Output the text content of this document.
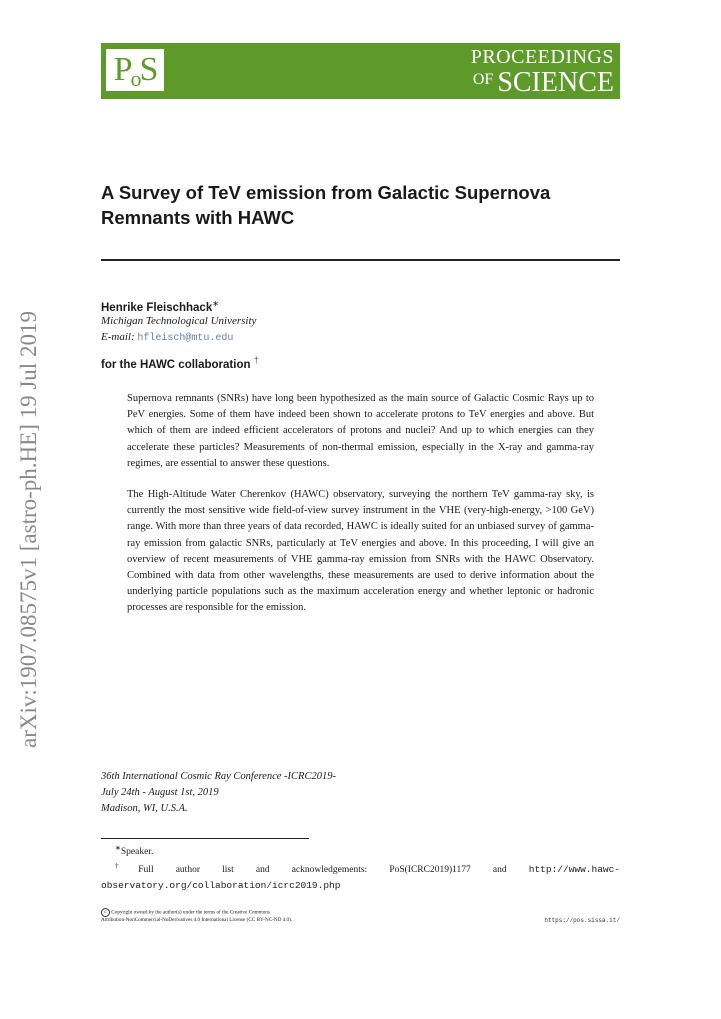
arXiv:1907.08575v1 [astro-ph.HE] 19 Jul 2019
PoS	PROCEEDINGS
$^{OF}$ SCIENCE
A Survey of TeV emission from Galactic Supernova Remnants with HAWC
Henrike Fleischhack∗
Michigan Technological University
E-mail: hfleisch@mtu.edu
for the HAWC collaboration †

Supernova remnants (SNRs) have long been hypothesized as the main source of Galactic Cosmic Rays up to PeV energies. Some of them have indeed been shown to accelerate protons to TeV energies and above. But which of them are indeed efficient accelerators of protons and nuclei? And up to which energies can they accelerate these particles? Measurements of non-thermal emission, especially in the X-ray and gamma-ray regimes, are essential to answer these questions.

The High-Altitude Water Cherenkov (HAWC) observatory, surveying the northern TeV gamma-ray sky, is currently the most sensitive wide field-of-view survey instrument in the VHE (very-high-energy, >100 GeV) range. With more than three years of data recorded, HAWC is ideally suited for an unbiased survey of gamma-ray emission from galactic SNRs, particularly at TeV energies and above. In this proceeding, I will give an overview of recent measurements of VHE gamma-ray emission from SNRs with the HAWC Observatory. Combined with data from other wavelengths, these measurements are used to derive information about the underlying particle populations such as the maximum acceleration energy and whether leptonic or hadronic processes are responsible for the emission.

36th International Cosmic Ray Conference -ICRC2019-
July 24th - August 1st, 2019
Madison, WI, U.S.A.
∗Speaker.

†Full author list and acknowledgements: PoS(ICRC2019)1177 and http://www.hawc-observatory.org/collaboration/icrc2019.php

c Copyright owned by the author(s) under the terms of the Creative Commons
Attribution-NonCommercial-NoDerivatives 4.0 International License (CC BY-NC-ND 4.0).	https://pos.sissa.it/
